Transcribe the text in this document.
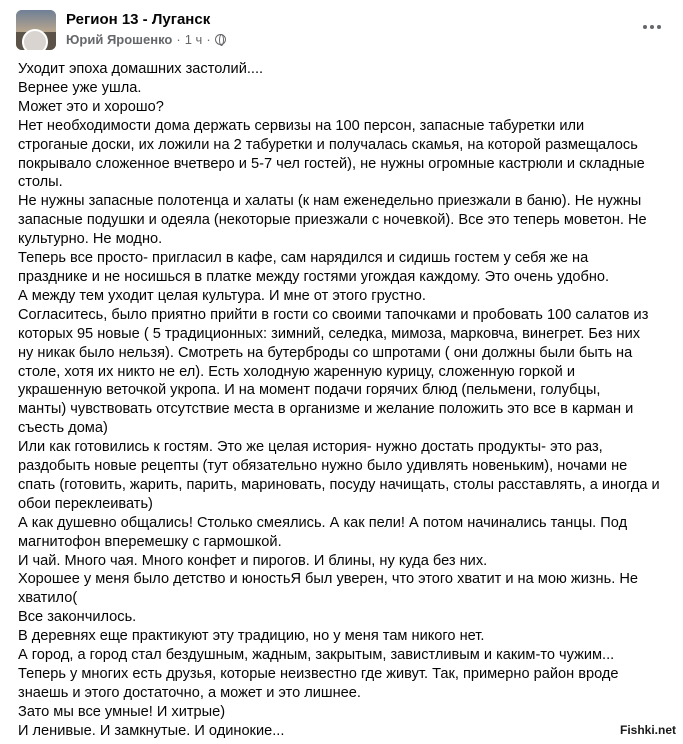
Регион 13 - Луганск
Юрий Ярошенко · 1 ч ·

Уходит эпоха домашних застолий....

Вернее уже ушла.

Может это и хорошо?

Нет необходимости дома держать сервизы на 100 персон, запасные табуретки или

строганые доски, их ложили на 2 табуретки и получалась скамья, на которой размещалось

покрывало сложенное вчетверо и 5-7 чел гостей), не нужны огромные кастрюли и складные

столы.

Не нужны запасные полотенца и халаты (к нам еженедельно приезжали в баню). Не нужны

запасные подушки и одеяла (некоторые приезжали с ночевкой). Все это теперь моветон. Не

культурно. Не модно.

Теперь все просто- пригласил в кафе, сам нарядился и сидишь гостем у себя же на

празднике и не носишься в платке между гостями угождая каждому. Это очень удобно.

А между тем уходит целая культура. И мне от этого грустно.

Согласитесь, было приятно прийти в гости со своими тапочками и пробовать 100 салатов из

которых 95 новые ( 5 традиционных: зимний, селедка, мимоза, марковча, винегрет. Без них

ну никак было нельзя). Смотреть на бутерброды со шпротами ( они должны были быть на

столе, хотя их никто не ел). Есть холодную жаренную курицу, сложенную горкой и

украшенную веточкой укропа. И на момент подачи горячих блюд (пельмени, голубцы,

манты) чувствовать отсутствие места в организме и желание положить это все в карман и

съесть дома)

Или как готовились к гостям. Это же целая история- нужно достать продукты- это раз,

раздобыть новые рецепты (тут обязательно нужно было удивлять новеньким), ночами не

спать (готовить, жарить, парить, мариновать, посуду начищать, столы расставлять, а иногда и

обои переклеивать)

А как душевно общались! Столько смеялись. А как пели! А потом начинались танцы. Под

магнитофон вперемешку с гармошкой.

И чай. Много чая. Много конфет и пирогов. И блины, ну куда без них.

Хорошее у меня было детство и юностьЯ был уверен, что этого хватит и на мою жизнь. Не

хватило(

Все закончилось.

В деревнях еще практикуют эту традицию, но у меня там никого нет.

А город, а город стал бездушным, жадным, закрытым, завистливым и каким-то чужим...

Теперь у многих есть друзья, которые неизвестно где живут. Так, примерно район вроде

знаешь и этого достаточно, а может и это лишнее.

Зато мы все умные! И хитрые)

И ленивые. И замкнутые. И одинокие...	Fishki.net
